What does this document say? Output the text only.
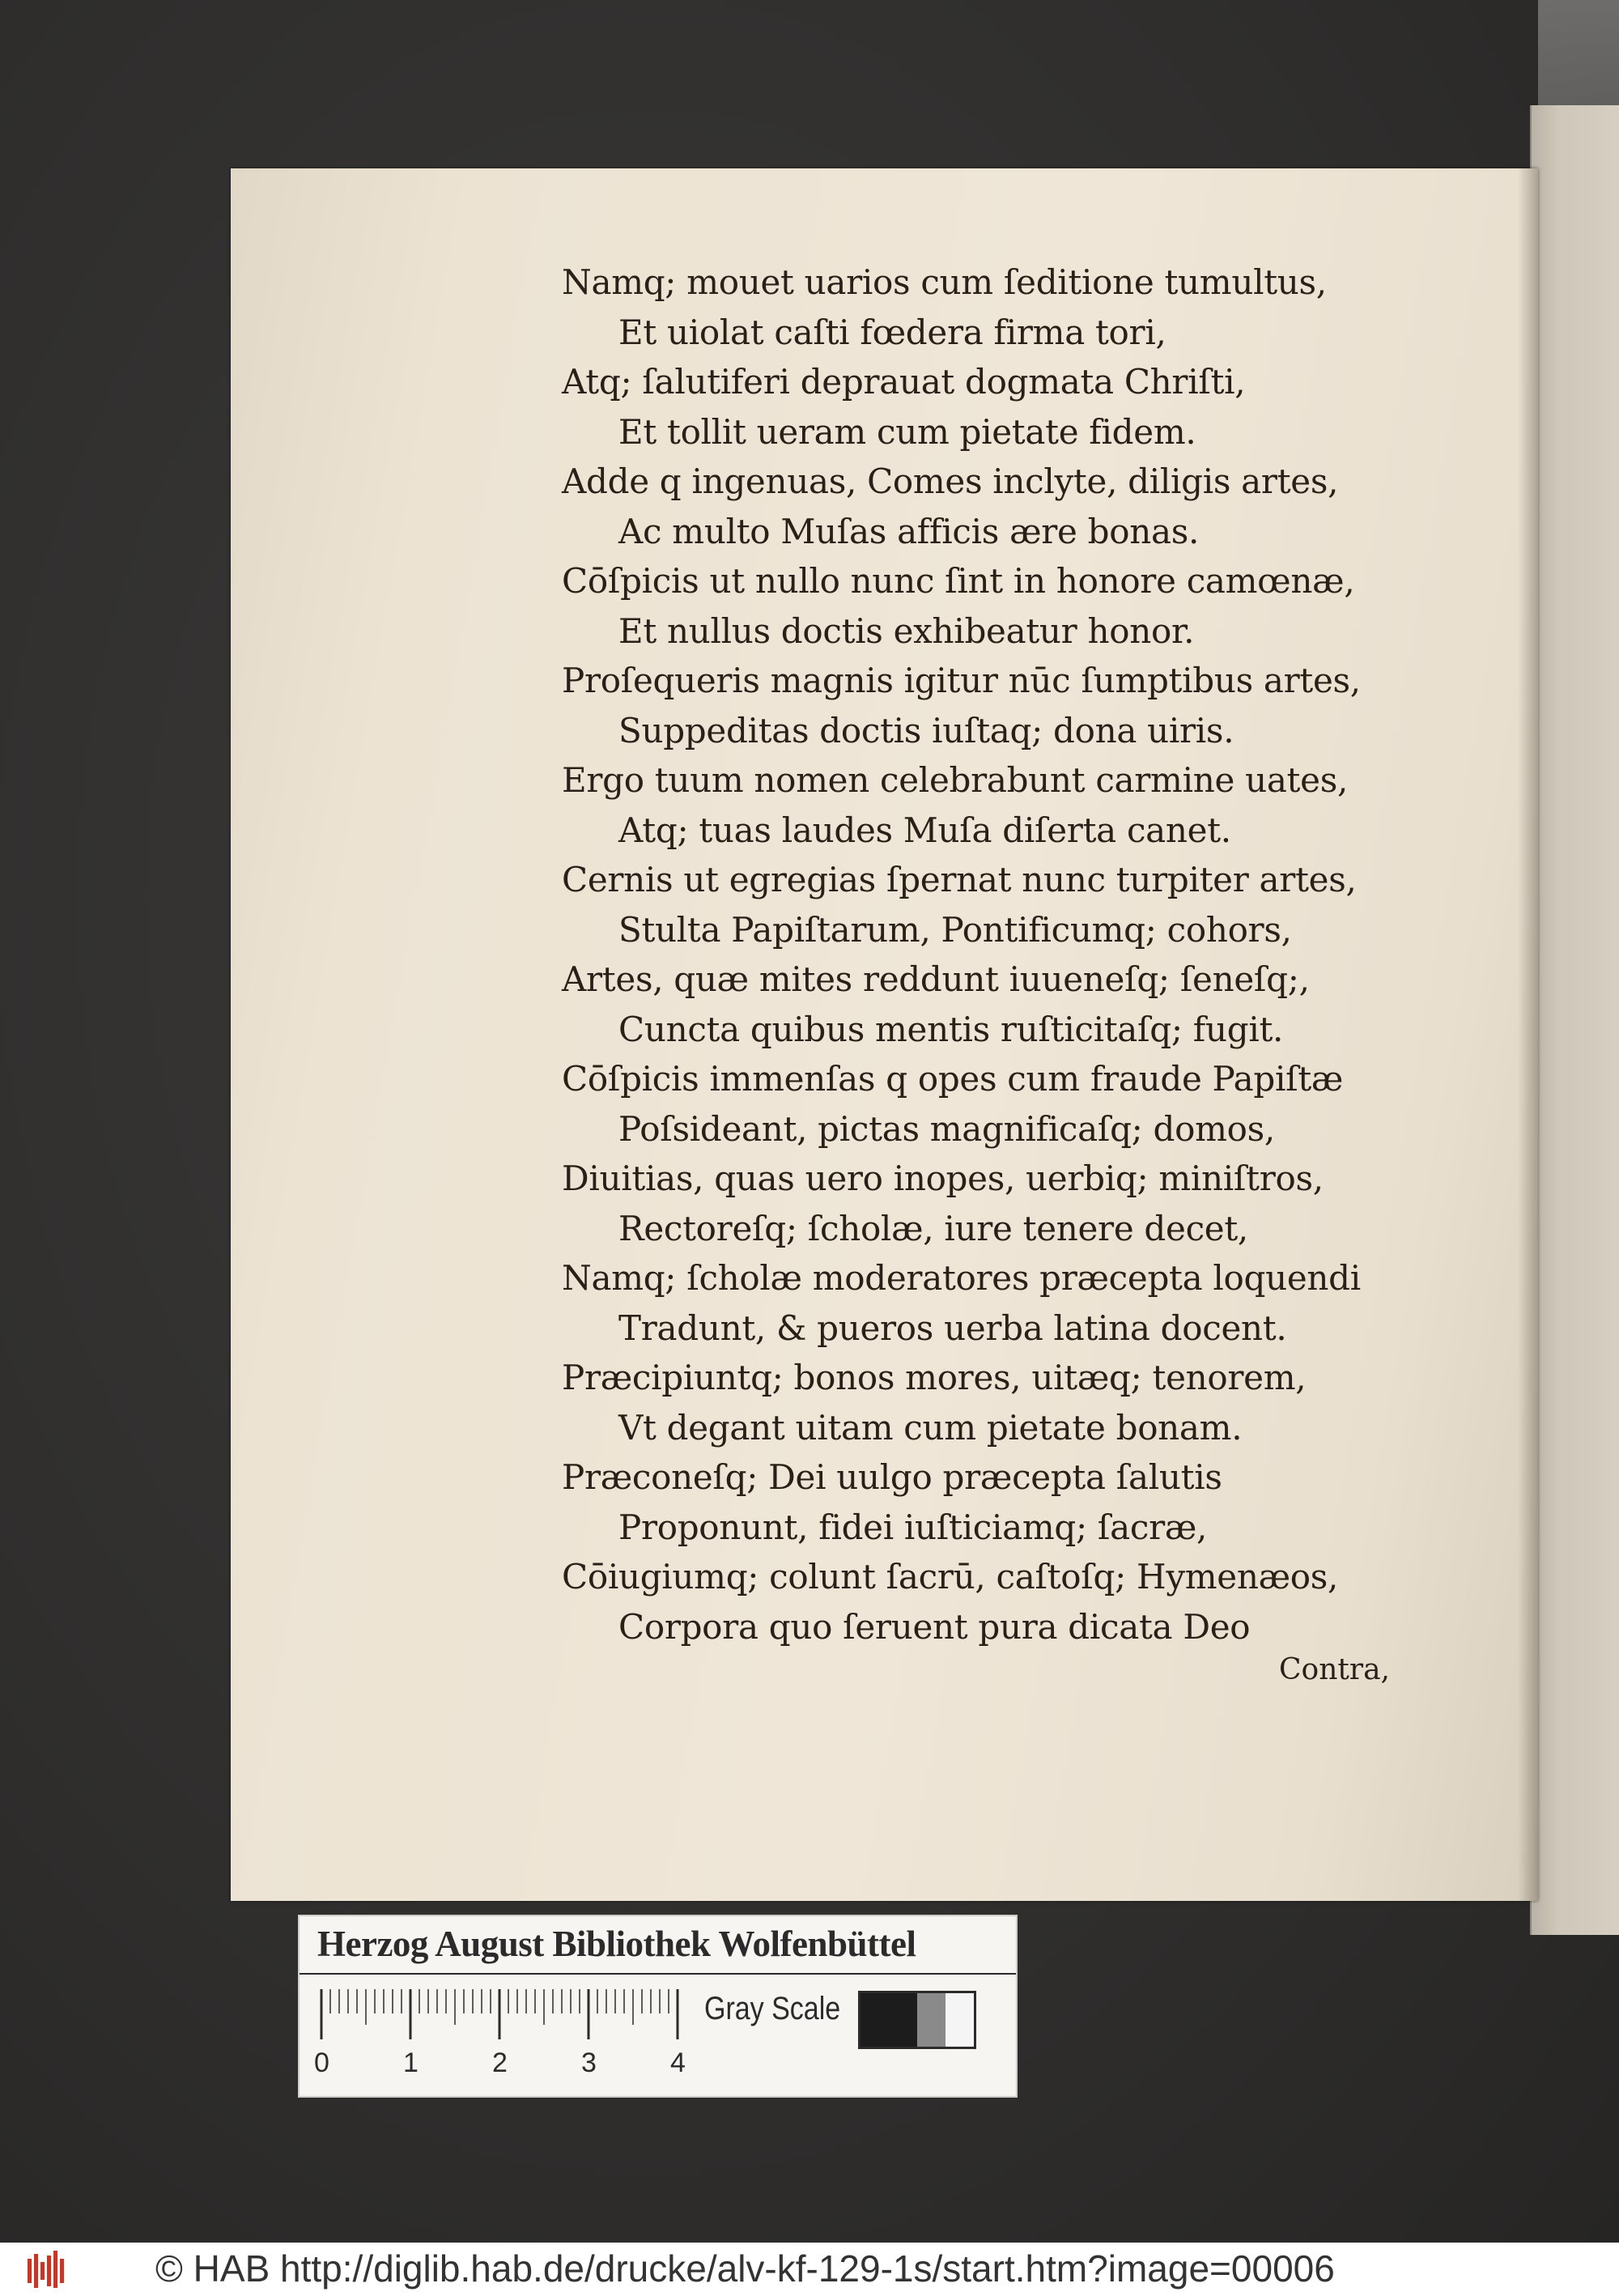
Namq; mouet uarios cum ſeditione tumultus,
Et uiolat caſti fœdera firma tori,
Atq; ſalutiferi deprauat dogmata Chriſti,
Et tollit ueram cum pietate fidem.
Adde q ingenuas, Comes inclyte, diligis artes,
Ac multo Muſas afficis ære bonas.
Cōſpicis ut nullo nunc ſint in honore camœnæ,
Et nullus doctis exhibeatur honor.
Proſequeris magnis igitur nūc ſumptibus artes,
Suppeditas doctis iuſtaq; dona uiris.
Ergo tuum nomen celebrabunt carmine uates,
Atq; tuas laudes Muſa diſerta canet.
Cernis ut egregias ſpernat nunc turpiter artes,
Stulta Papiſtarum, Pontificumq; cohors,
Artes, quæ mites reddunt iuueneſq; ſeneſq;,
Cuncta quibus mentis ruſticitaſq; fugit.
Cōſpicis immenſas q opes cum fraude Papiſtæ
Poſsideant, pictas magnificaſq; domos,
Diuitias, quas uero inopes, uerbiq; miniſtros,
Rectoreſq; ſcholæ, iure tenere decet,
Namq; ſcholæ moderatores præcepta loquendi
Tradunt, & pueros uerba latina docent.
Præcipiuntq; bonos mores, uitæq; tenorem,
Vt degant uitam cum pietate bonam.
Præconeſq; Dei uulgo præcepta ſalutis
Proponunt, fidei iuſticiamq; ſacræ,
Cōiugiumq; colunt ſacrū, caſtoſq; Hymenæos,
Corpora quo ſeruent pura dicata Deo
Contra,
Herzog August Bibliothek Wolfenbüttel
0	1	2	3	4
Gray Scale
© HAB http://diglib.hab.de/drucke/alv-kf-129-1s/start.htm?image=00006
